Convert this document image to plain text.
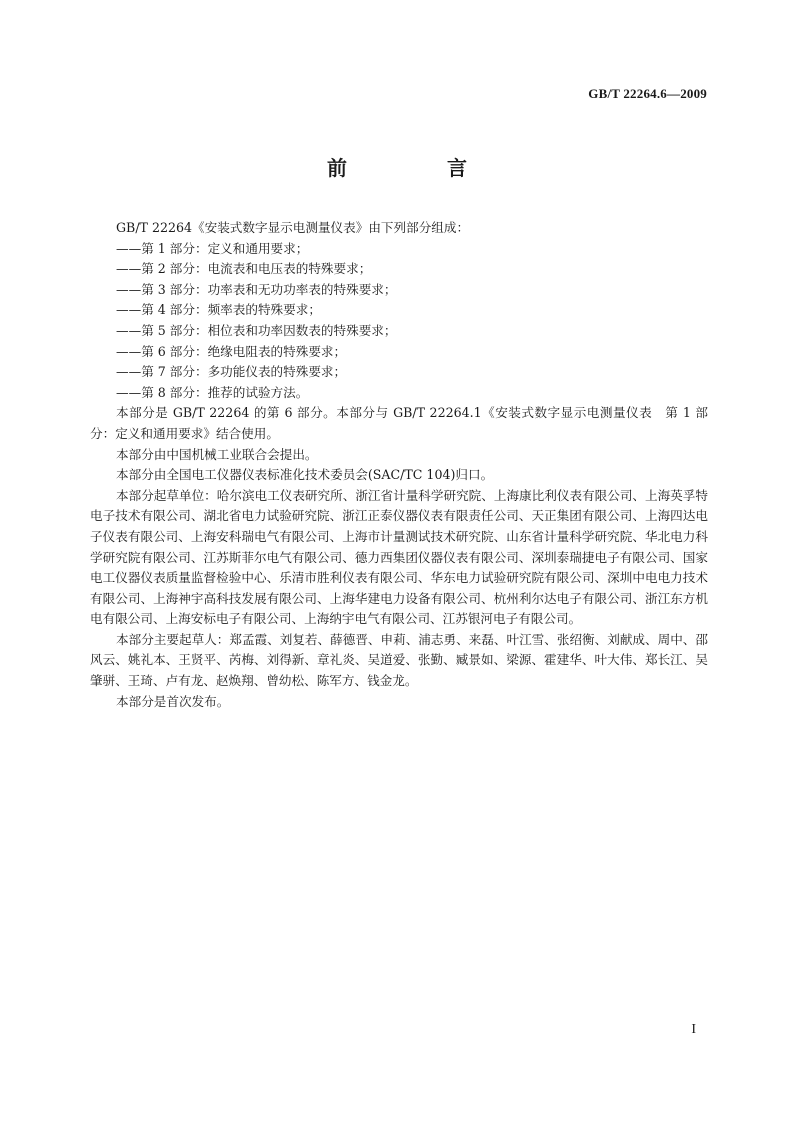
GB/T 22264.6—2009
前　言

GB/T 22264《安装式数字显示电测量仪表》由下列部分组成：

——第 1 部分：定义和通用要求；

——第 2 部分：电流表和电压表的特殊要求；

——第 3 部分：功率表和无功功率表的特殊要求；

——第 4 部分：频率表的特殊要求；

——第 5 部分：相位表和功率因数表的特殊要求；

——第 6 部分：绝缘电阻表的特殊要求；

——第 7 部分：多功能仪表的特殊要求；

——第 8 部分：推荐的试验方法。

本部分是 GB/T 22264 的第 6 部分。本部分与 GB/T 22264.1《安装式数字显示电测量仪表　第 1 部分：定义和通用要求》结合使用。

本部分由中国机械工业联合会提出。

本部分由全国电工仪器仪表标准化技术委员会(SAC/TC 104)归口。

本部分起草单位：哈尔滨电工仪表研究所、浙江省计量科学研究院、上海康比利仪表有限公司、上海英孚特电子技术有限公司、湖北省电力试验研究院、浙江正泰仪器仪表有限责任公司、天正集团有限公司、上海四达电子仪表有限公司、上海安科瑞电气有限公司、上海市计量测试技术研究院、山东省计量科学研究院、华北电力科学研究院有限公司、江苏斯菲尔电气有限公司、德力西集团仪器仪表有限公司、深圳泰瑞捷电子有限公司、国家电工仪器仪表质量监督检验中心、乐清市胜利仪表有限公司、华东电力试验研究院有限公司、深圳中电电力技术有限公司、上海神宇高科技发展有限公司、上海华建电力设备有限公司、杭州利尔达电子有限公司、浙江东方机电有限公司、上海安标电子有限公司、上海纳宇电气有限公司、江苏银河电子有限公司。

本部分主要起草人：郑孟霞、刘复若、薛德晋、申莉、浦志勇、来磊、叶江雪、张绍衡、刘献成、周中、邵风云、姚礼本、王贤平、芮梅、刘得新、章礼炎、吴道爱、张勤、臧景如、梁源、霍建华、叶大伟、郑长江、吴肇骈、王琦、卢有龙、赵焕翔、曾幼松、陈军方、钱金龙。

本部分是首次发布。

I
